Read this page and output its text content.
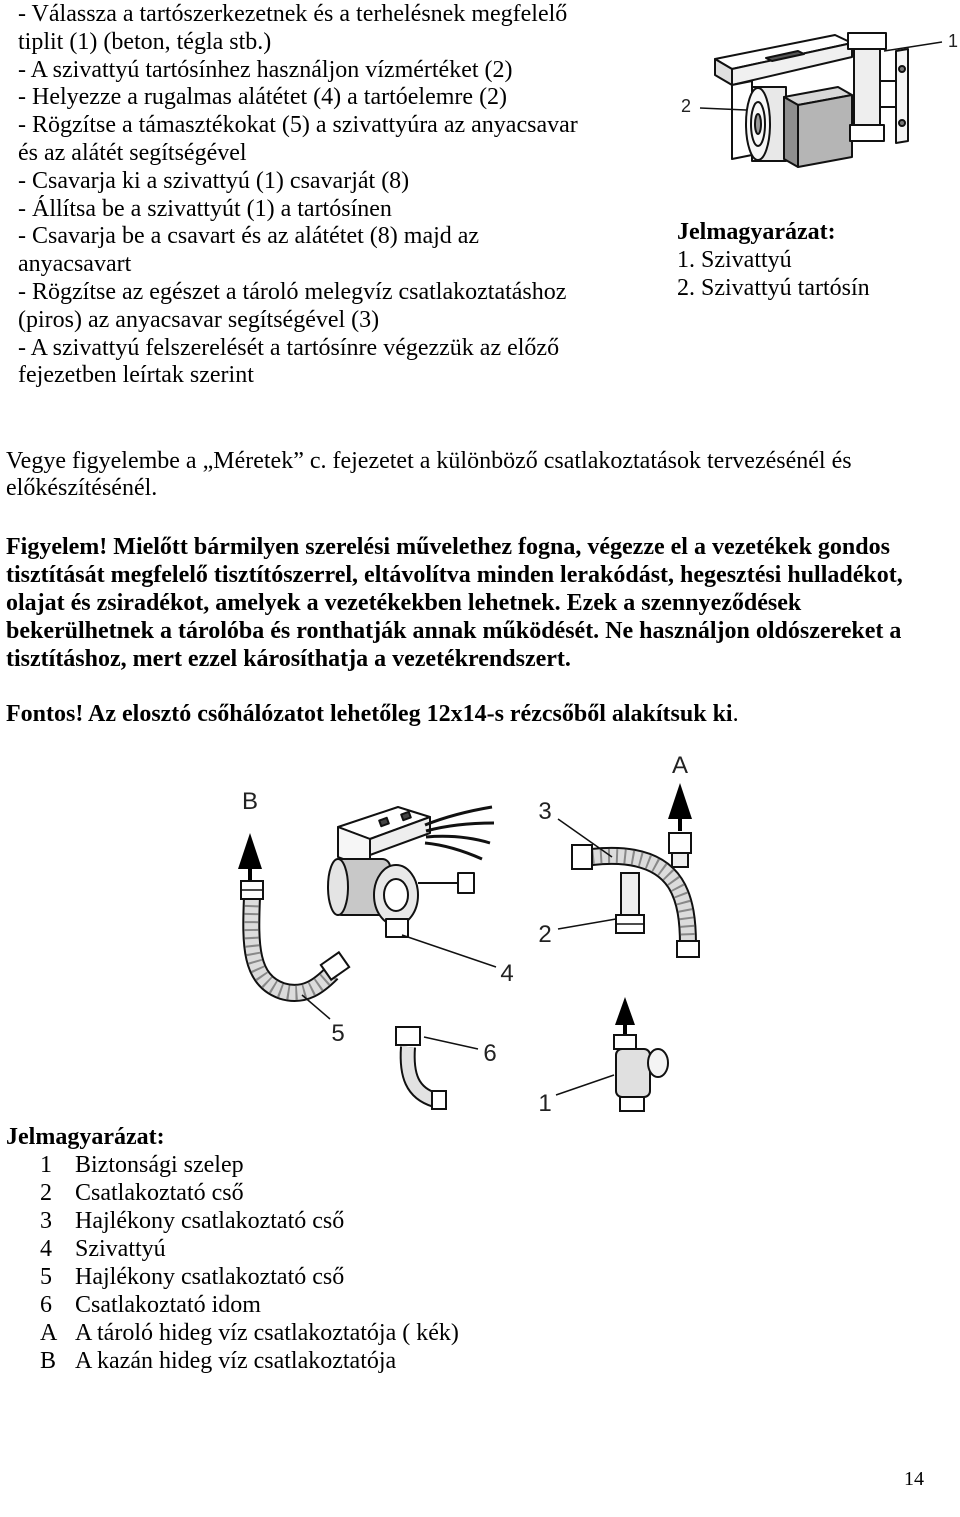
- Válassza a tartószerkezetnek és a terhelésnek megfelelő
tiplit (1) (beton, tégla stb.)
- A szivattyú tartósínhez használjon vízmértéket (2)
- Helyezze a rugalmas alátétet (4) a tartóelemre (2)
- Rögzítse a támasztékokat (5) a szivattyúra az anyacsavar
és az alátét segítségével
- Csavarja ki a szivattyú (1) csavarját (8)
- Állítsa be a szivattyút (1) a tartósínen
- Csavarja be a csavart és az alátétet (8) majd az
anyacsavart
- Rögzítse az egészet a tároló melegvíz csatlakoztatáshoz
(piros) az anyacsavar segítségével (3)
- A szivattyú felszerelését a tartósínre végezzük az előző
fejezetben leírtak szerint
1
2
Jelmagyarázat:
1. Szivattyú
2. Szivattyú tartósín
Vegye figyelembe a „Méretek” c. fejezetet a különböző csatlakoztatások tervezésénél és
előkészítésénél.
Figyelem! Mielőtt bármilyen szerelési művelethez fogna, végezze el a vezetékek gondos
tisztítását megfelelő tisztítószerrel, eltávolítva minden lerakódást, hegesztési hulladékot,
olajat és zsiradékot, amelyek a vezetékekben lehetnek. Ezek a szennyeződések
bekerülhetnek a tárolóba és ronthatják annak működését. Ne használjon oldószereket a
tisztításhoz, mert ezzel károsíthatja a vezetékrendszert.
Fontos! Az elosztó csőhálózatot lehetőleg 12x14-s rézcsőből alakítsuk ki.
B
5
4
3
2
A
6
1
Jelmagyarázat:
1 Biztonsági szelep
2 Csatlakoztató cső
3 Hajlékony csatlakoztató cső
4 Szivattyú
5 Hajlékony csatlakoztató cső
6 Csatlakoztató idom
A A tároló hideg víz csatlakoztatója ( kék)
B A kazán hideg víz csatlakoztatója
14
